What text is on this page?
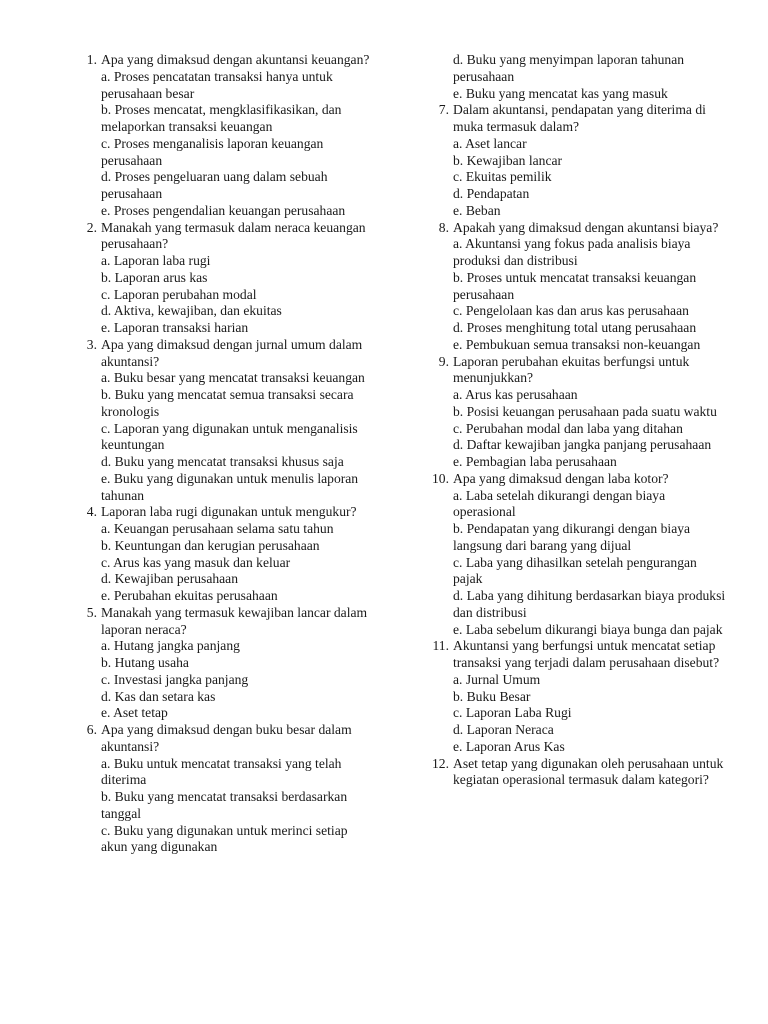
1. Apa yang dimaksud dengan akuntansi keuangan?
a. Proses pencatatan transaksi hanya untuk perusahaan besar
b. Proses mencatat, mengklasifikasikan, dan melaporkan transaksi keuangan
c. Proses menganalisis laporan keuangan perusahaan
d. Proses pengeluaran uang dalam sebuah perusahaan
e. Proses pengendalian keuangan perusahaan
2. Manakah yang termasuk dalam neraca keuangan perusahaan?
a. Laporan laba rugi
b. Laporan arus kas
c. Laporan perubahan modal
d. Aktiva, kewajiban, dan ekuitas
e. Laporan transaksi harian
3. Apa yang dimaksud dengan jurnal umum dalam akuntansi?
a. Buku besar yang mencatat transaksi keuangan
b. Buku yang mencatat semua transaksi secara kronologis
c. Laporan yang digunakan untuk menganalisis keuntungan
d. Buku yang mencatat transaksi khusus saja
e. Buku yang digunakan untuk menulis laporan tahunan
4. Laporan laba rugi digunakan untuk mengukur?
a. Keuangan perusahaan selama satu tahun
b. Keuntungan dan kerugian perusahaan
c. Arus kas yang masuk dan keluar
d. Kewajiban perusahaan
e. Perubahan ekuitas perusahaan
5. Manakah yang termasuk kewajiban lancar dalam laporan neraca?
a. Hutang jangka panjang
b. Hutang usaha
c. Investasi jangka panjang
d. Kas dan setara kas
e. Aset tetap
6. Apa yang dimaksud dengan buku besar dalam akuntansi?
a. Buku untuk mencatat transaksi yang telah diterima
b. Buku yang mencatat transaksi berdasarkan tanggal
c. Buku yang digunakan untuk merinci setiap akun yang digunakan
d. Buku yang menyimpan laporan tahunan perusahaan
e. Buku yang mencatat kas yang masuk
7. Dalam akuntansi, pendapatan yang diterima di muka termasuk dalam?
a. Aset lancar
b. Kewajiban lancar
c. Ekuitas pemilik
d. Pendapatan
e. Beban
8. Apakah yang dimaksud dengan akuntansi biaya?
a. Akuntansi yang fokus pada analisis biaya produksi dan distribusi
b. Proses untuk mencatat transaksi keuangan perusahaan
c. Pengelolaan kas dan arus kas perusahaan
d. Proses menghitung total utang perusahaan
e. Pembukuan semua transaksi non-keuangan
9. Laporan perubahan ekuitas berfungsi untuk menunjukkan?
a. Arus kas perusahaan
b. Posisi keuangan perusahaan pada suatu waktu
c. Perubahan modal dan laba yang ditahan
d. Daftar kewajiban jangka panjang perusahaan
e. Pembagian laba perusahaan
10. Apa yang dimaksud dengan laba kotor?
a. Laba setelah dikurangi dengan biaya operasional
b. Pendapatan yang dikurangi dengan biaya langsung dari barang yang dijual
c. Laba yang dihasilkan setelah pengurangan pajak
d. Laba yang dihitung berdasarkan biaya produksi dan distribusi
e. Laba sebelum dikurangi biaya bunga dan pajak
11. Akuntansi yang berfungsi untuk mencatat setiap transaksi yang terjadi dalam perusahaan disebut?
a. Jurnal Umum
b. Buku Besar
c. Laporan Laba Rugi
d. Laporan Neraca
e. Laporan Arus Kas
12. Aset tetap yang digunakan oleh perusahaan untuk kegiatan operasional termasuk dalam kategori?
